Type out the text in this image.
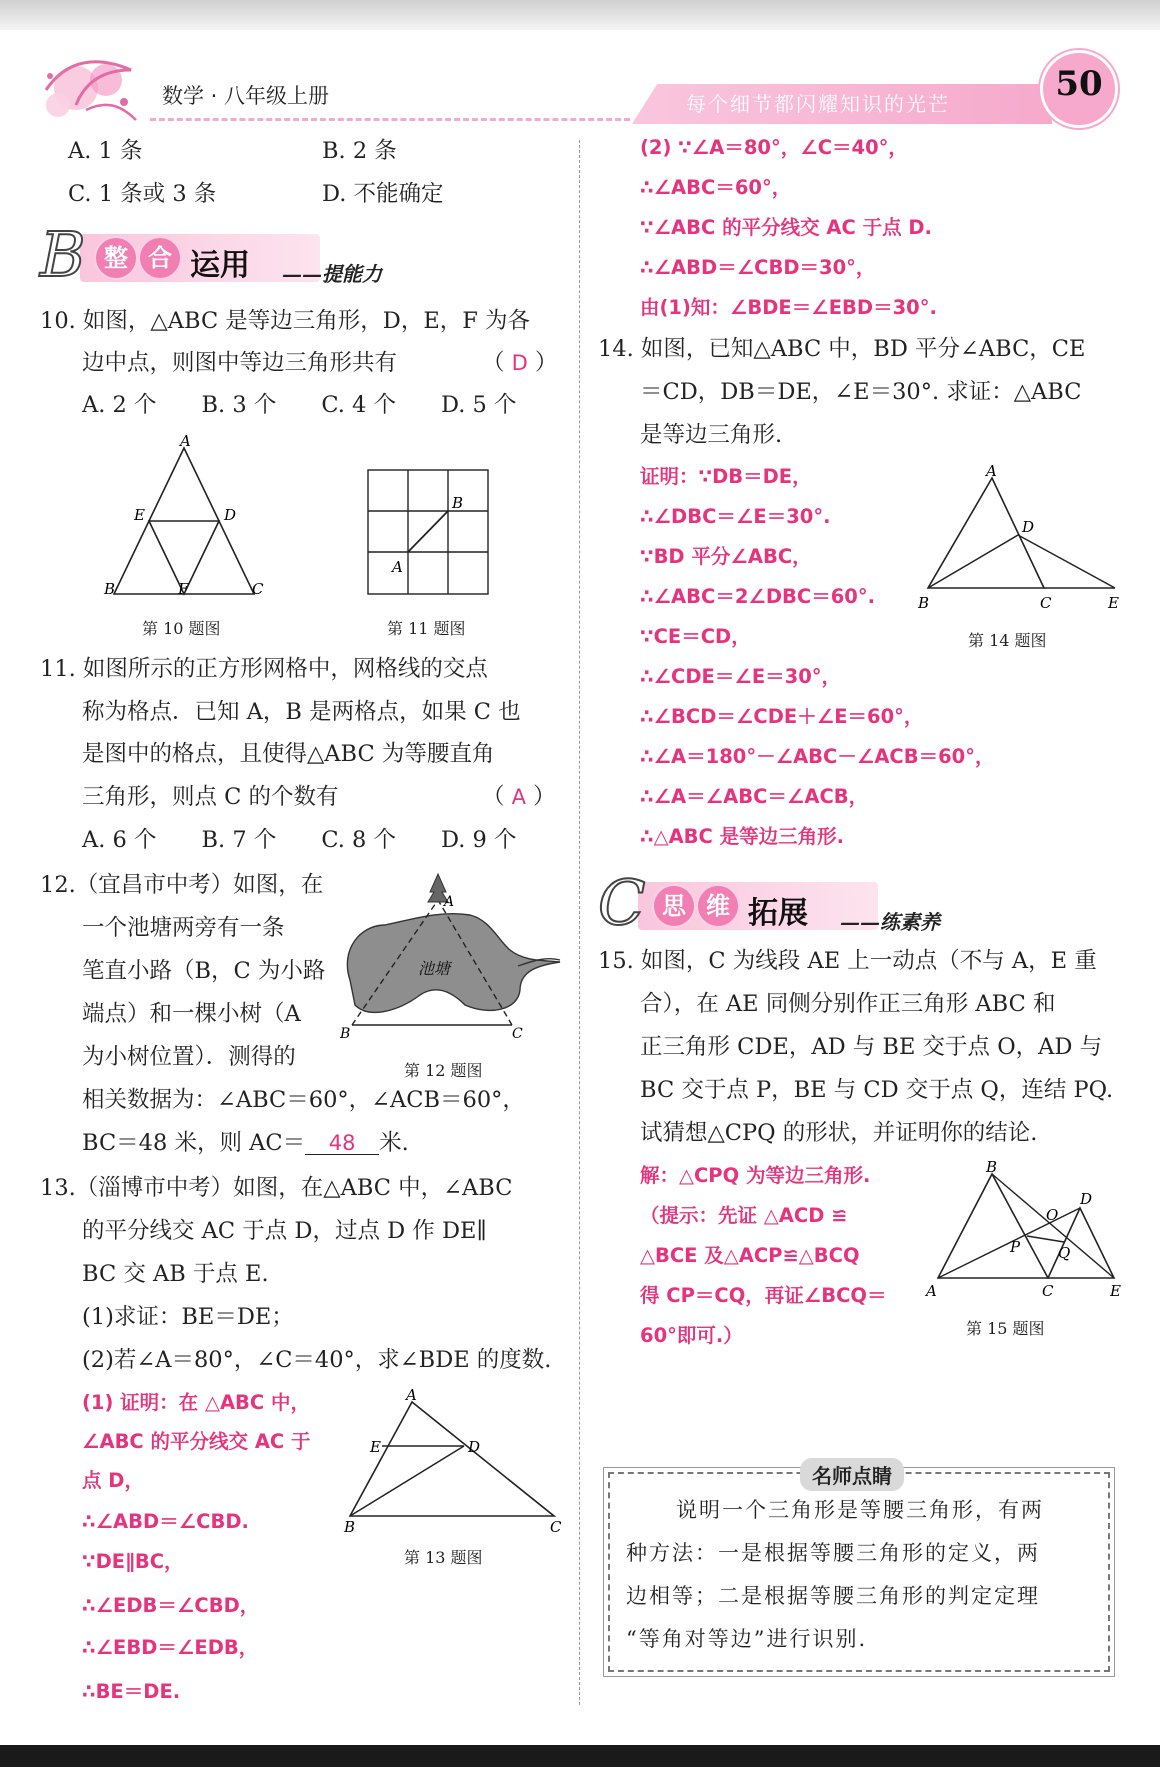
数学 · 八年级上册	每个细节都闪耀知识的光芒	50
A. 1 条	B. 2 条
C. 1 条或 3 条	D. 不能确定
B 整 合 运用 ——提能力
10. 如图，△ABC 是等边三角形，D，E，F 为各
边中点，则图中等边三角形共有	（ D ）
A. 2 个　　B. 3 个　　C. 4 个　　D. 5 个
A
E	D
B	F	C
第 10 题图
B
A
第 11 题图
11. 如图所示的正方形网格中，网格线的交点
称为格点．已知 A，B 是两格点，如果 C 也
是图中的格点，且使得△ABC 为等腰直角
三角形，则点 C 的个数有	（ A ）
A. 6 个　　B. 7 个　　C. 8 个　　D. 9 个
12.（宜昌市中考）如图，在
一个池塘两旁有一条
笔直小路（B，C 为小路
端点）和一棵小树（A
为小树位置）．测得的
相关数据为：∠ABC＝60°，∠ACB＝60°，
BC＝48 米，则 AC＝ 48 米.
A
B	C
池塘
第 12 题图
13.（淄博市中考）如图，在△ABC 中，∠ABC
的平分线交 AC 于点 D，过点 D 作 DE∥
BC 交 AB 于点 E.
(1)求证：BE＝DE；
(2)若∠A＝80°，∠C＝40°，求∠BDE 的度数.
(1) 证明：在 △ABC 中，
∠ABC 的平分线交 AC 于
点 D，
∴∠ABD＝∠CBD.
∵DE∥BC，
∴∠EDB＝∠CBD，
∴∠EBD＝∠EDB，
∴BE＝DE.
A
E	D
B	C
第 13 题图
(2) ∵∠A＝80°，∠C＝40°，
∴∠ABC＝60°，
∵∠ABC 的平分线交 AC 于点 D.
∴∠ABD＝∠CBD＝30°，
由(1)知：∠BDE＝∠EBD＝30°.
14. 如图，已知△ABC 中，BD 平分∠ABC，CE
＝CD，DB＝DE，∠E＝30°. 求证：△ABC
是等边三角形.
证明：∵DB＝DE，
∴∠DBC＝∠E＝30°.
∵BD 平分∠ABC，
∴∠ABC＝2∠DBC＝60°.
∵CE＝CD，
∴∠CDE＝∠E＝30°，
∴∠BCD＝∠CDE＋∠E＝60°，
∴∠A＝180°－∠ABC－∠ACB＝60°，
∴∠A＝∠ABC＝∠ACB，
∴△ABC 是等边三角形.
A
D
B	C	E
第 14 题图
C 思 维 拓展 ——练素养
15. 如图，C 为线段 AE 上一动点（不与 A，E 重
合），在 AE 同侧分别作正三角形 ABC 和
正三角形 CDE，AD 与 BE 交于点 O，AD 与
BC 交于点 P，BE 与 CD 交于点 Q，连结 PQ.
试猜想△CPQ 的形状，并证明你的结论.
解：△CPQ 为等边三角形.
（提示：先证 △ACD ≌
△BCE 及△ACP≌△BCQ
得 CP＝CQ，再证∠BCQ＝
60°即可.）
A
B
C
D
E
O
P	Q
第 15 题图
名师点睛
说明一个三角形是等腰三角形，有两
种方法：一是根据等腰三角形的定义，两
边相等；二是根据等腰三角形的判定定理
“等角对等边”进行识别.
